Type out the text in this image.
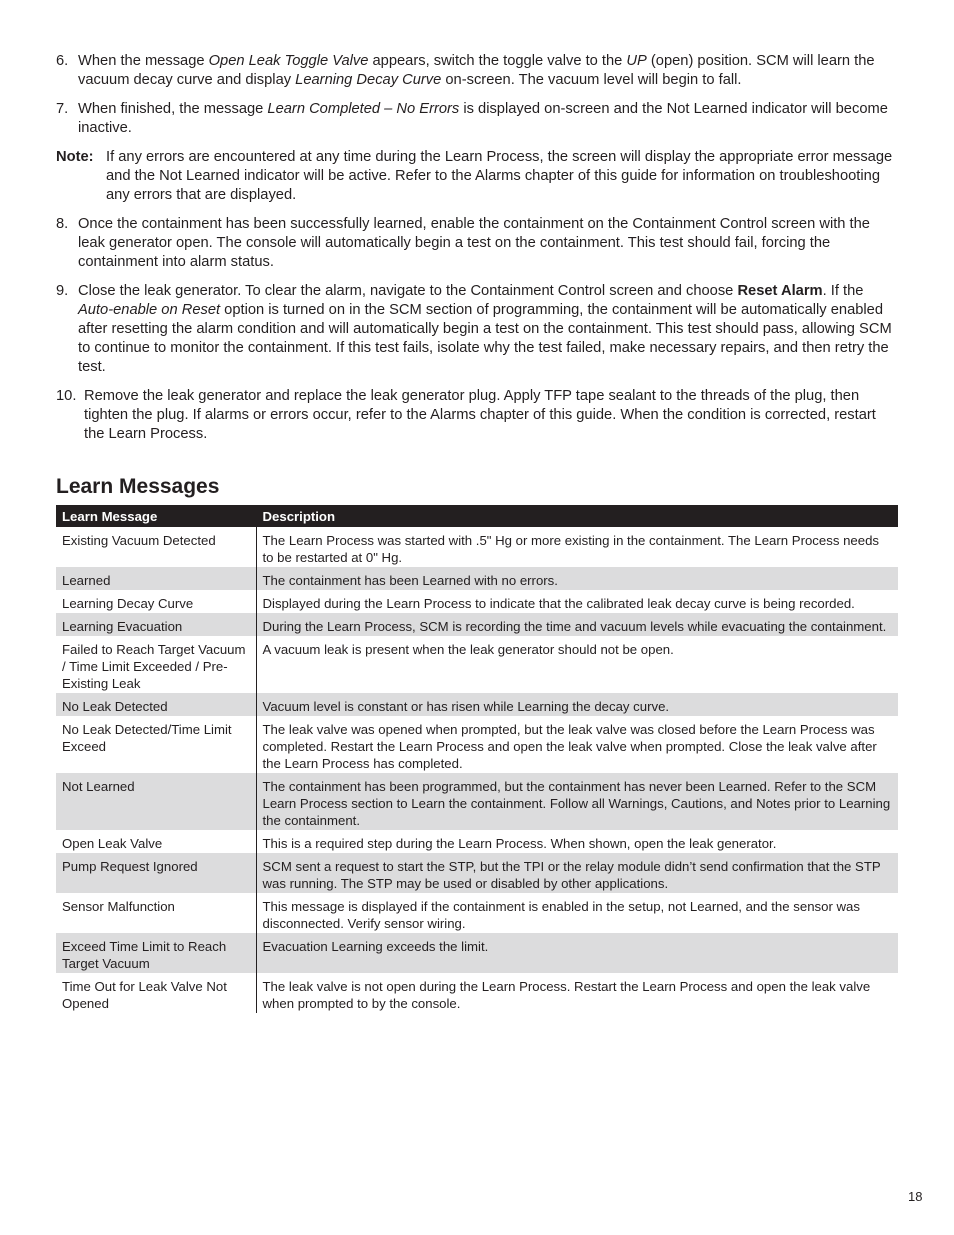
6. When the message Open Leak Toggle Valve appears, switch the toggle valve to the UP (open) position. SCM will learn the vacuum decay curve and display Learning Decay Curve on-screen. The vacuum level will begin to fall.
7. When finished, the message Learn Completed – No Errors is displayed on-screen and the Not Learned indicator will become inactive.
Note: If any errors are encountered at any time during the Learn Process, the screen will display the appropriate error message and the Not Learned indicator will be active. Refer to the Alarms chapter of this guide for information on troubleshooting any errors that are displayed.
8. Once the containment has been successfully learned, enable the containment on the Containment Control screen with the leak generator open. The console will automatically begin a test on the containment. This test should fail, forcing the containment into alarm status.
9. Close the leak generator. To clear the alarm, navigate to the Containment Control screen and choose Reset Alarm. If the Auto-enable on Reset option is turned on in the SCM section of programming, the containment will be automatically enabled after resetting the alarm condition and will automatically begin a test on the containment. This test should pass, allowing SCM to continue to monitor the containment. If this test fails, isolate why the test failed, make necessary repairs, and then retry the test.
10. Remove the leak generator and replace the leak generator plug. Apply TFP tape sealant to the threads of the plug, then tighten the plug. If alarms or errors occur, refer to the Alarms chapter of this guide. When the condition is corrected, restart the Learn Process.
Learn Messages
Learn Message	Description
Existing Vacuum Detected	The Learn Process was started with .5" Hg or more existing in the containment. The Learn Process needs to be restarted at 0" Hg.
Learned	The containment has been Learned with no errors.
Learning Decay Curve	Displayed during the Learn Process to indicate that the calibrated leak decay curve is being recorded.
Learning Evacuation	During the Learn Process, SCM is recording the time and vacuum levels while evacuating the containment.
Failed to Reach Target Vacuum / Time Limit Exceeded / Pre-Existing Leak	A vacuum leak is present when the leak generator should not be open.
No Leak Detected	Vacuum level is constant or has risen while Learning the decay curve.
No Leak Detected/Time Limit Exceed	The leak valve was opened when prompted, but the leak valve was closed before the Learn Process was completed. Restart the Learn Process and open the leak valve when prompted. Close the leak valve after the Learn Process has completed.
Not Learned	The containment has been programmed, but the containment has never been Learned. Refer to the SCM Learn Process section to Learn the containment. Follow all Warnings, Cautions, and Notes prior to Learning the containment.
Open Leak Valve	This is a required step during the Learn Process. When shown, open the leak generator.
Pump Request Ignored	SCM sent a request to start the STP, but the TPI or the relay module didn’t send confirmation that the STP was running. The STP may be used or disabled by other applications.
Sensor Malfunction	This message is displayed if the containment is enabled in the setup, not Learned, and the sensor was disconnected. Verify sensor wiring.
Exceed Time Limit to Reach Target Vacuum	Evacuation Learning exceeds the limit.
Time Out for Leak Valve Not Opened	The leak valve is not open during the Learn Process. Restart the Learn Process and open the leak valve when prompted to by the console.
18
